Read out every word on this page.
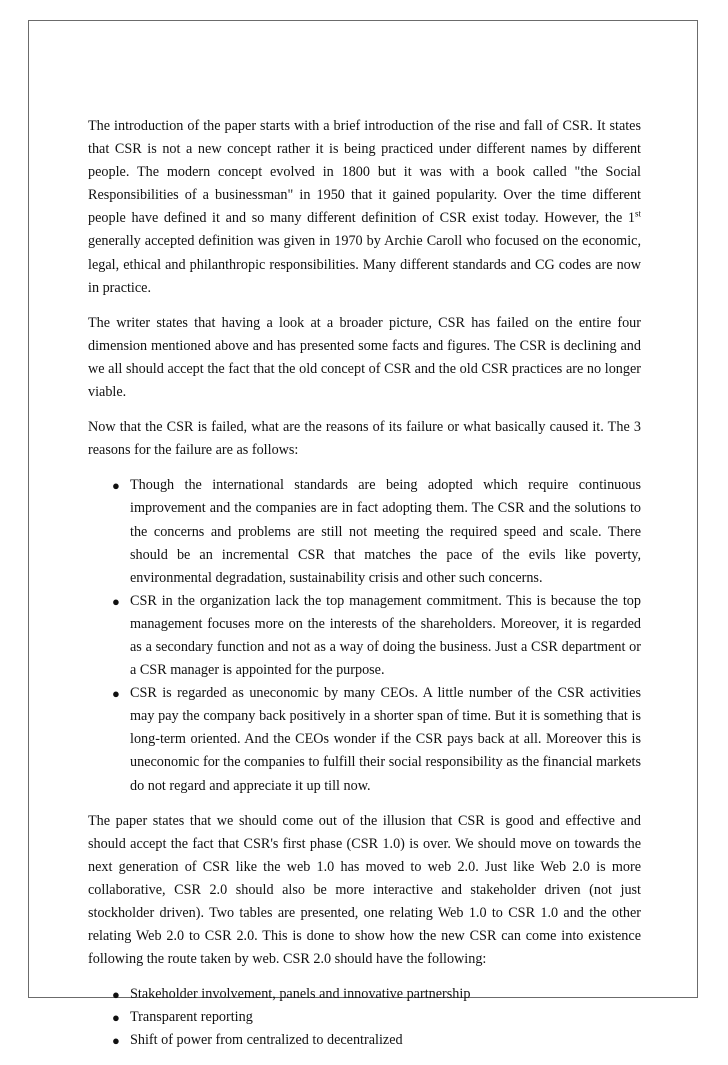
The introduction of the paper starts with a brief introduction of the rise and fall of CSR. It states that CSR is not a new concept rather it is being practiced under different names by different people. The modern concept evolved in 1800 but it was with a book called "the Social Responsibilities of a businessman" in 1950 that it gained popularity. Over the time different people have defined it and so many different definition of CSR exist today. However, the 1st generally accepted definition was given in 1970 by Archie Caroll who focused on the economic, legal, ethical and philanthropic responsibilities. Many different standards and CG codes are now in practice.

The writer states that having a look at a broader picture, CSR has failed on the entire four dimension mentioned above and has presented some facts and figures. The CSR is declining and we all should accept the fact that the old concept of CSR and the old CSR practices are no longer viable.

Now that the CSR is failed, what are the reasons of its failure or what basically caused it. The 3 reasons for the failure are as follows:

● Though the international standards are being adopted which require continuous improvement and the companies are in fact adopting them. The CSR and the solutions to the concerns and problems are still not meeting the required speed and scale. There should be an incremental CSR that matches the pace of the evils like poverty, environmental degradation, sustainability crisis and other such concerns.
● CSR in the organization lack the top management commitment. This is because the top management focuses more on the interests of the shareholders. Moreover, it is regarded as a secondary function and not as a way of doing the business. Just a CSR department or a CSR manager is appointed for the purpose.
● CSR is regarded as uneconomic by many CEOs. A little number of the CSR activities may pay the company back positively in a shorter span of time. But it is something that is long-term oriented. And the CEOs wonder if the CSR pays back at all. Moreover this is uneconomic for the companies to fulfill their social responsibility as the financial markets do not regard and appreciate it up till now.

The paper states that we should come out of the illusion that CSR is good and effective and should accept the fact that CSR's first phase (CSR 1.0) is over. We should move on towards the next generation of CSR like the web 1.0 has moved to web 2.0. Just like Web 2.0 is more collaborative, CSR 2.0 should also be more interactive and stakeholder driven (not just stockholder driven). Two tables are presented, one relating Web 1.0 to CSR 1.0 and the other relating Web 2.0 to CSR 2.0. This is done to show how the new CSR can come into existence following the route taken by web. CSR 2.0 should have the following:

● Stakeholder involvement, panels and innovative partnership
● Transparent reporting
● Shift of power from centralized to decentralized
